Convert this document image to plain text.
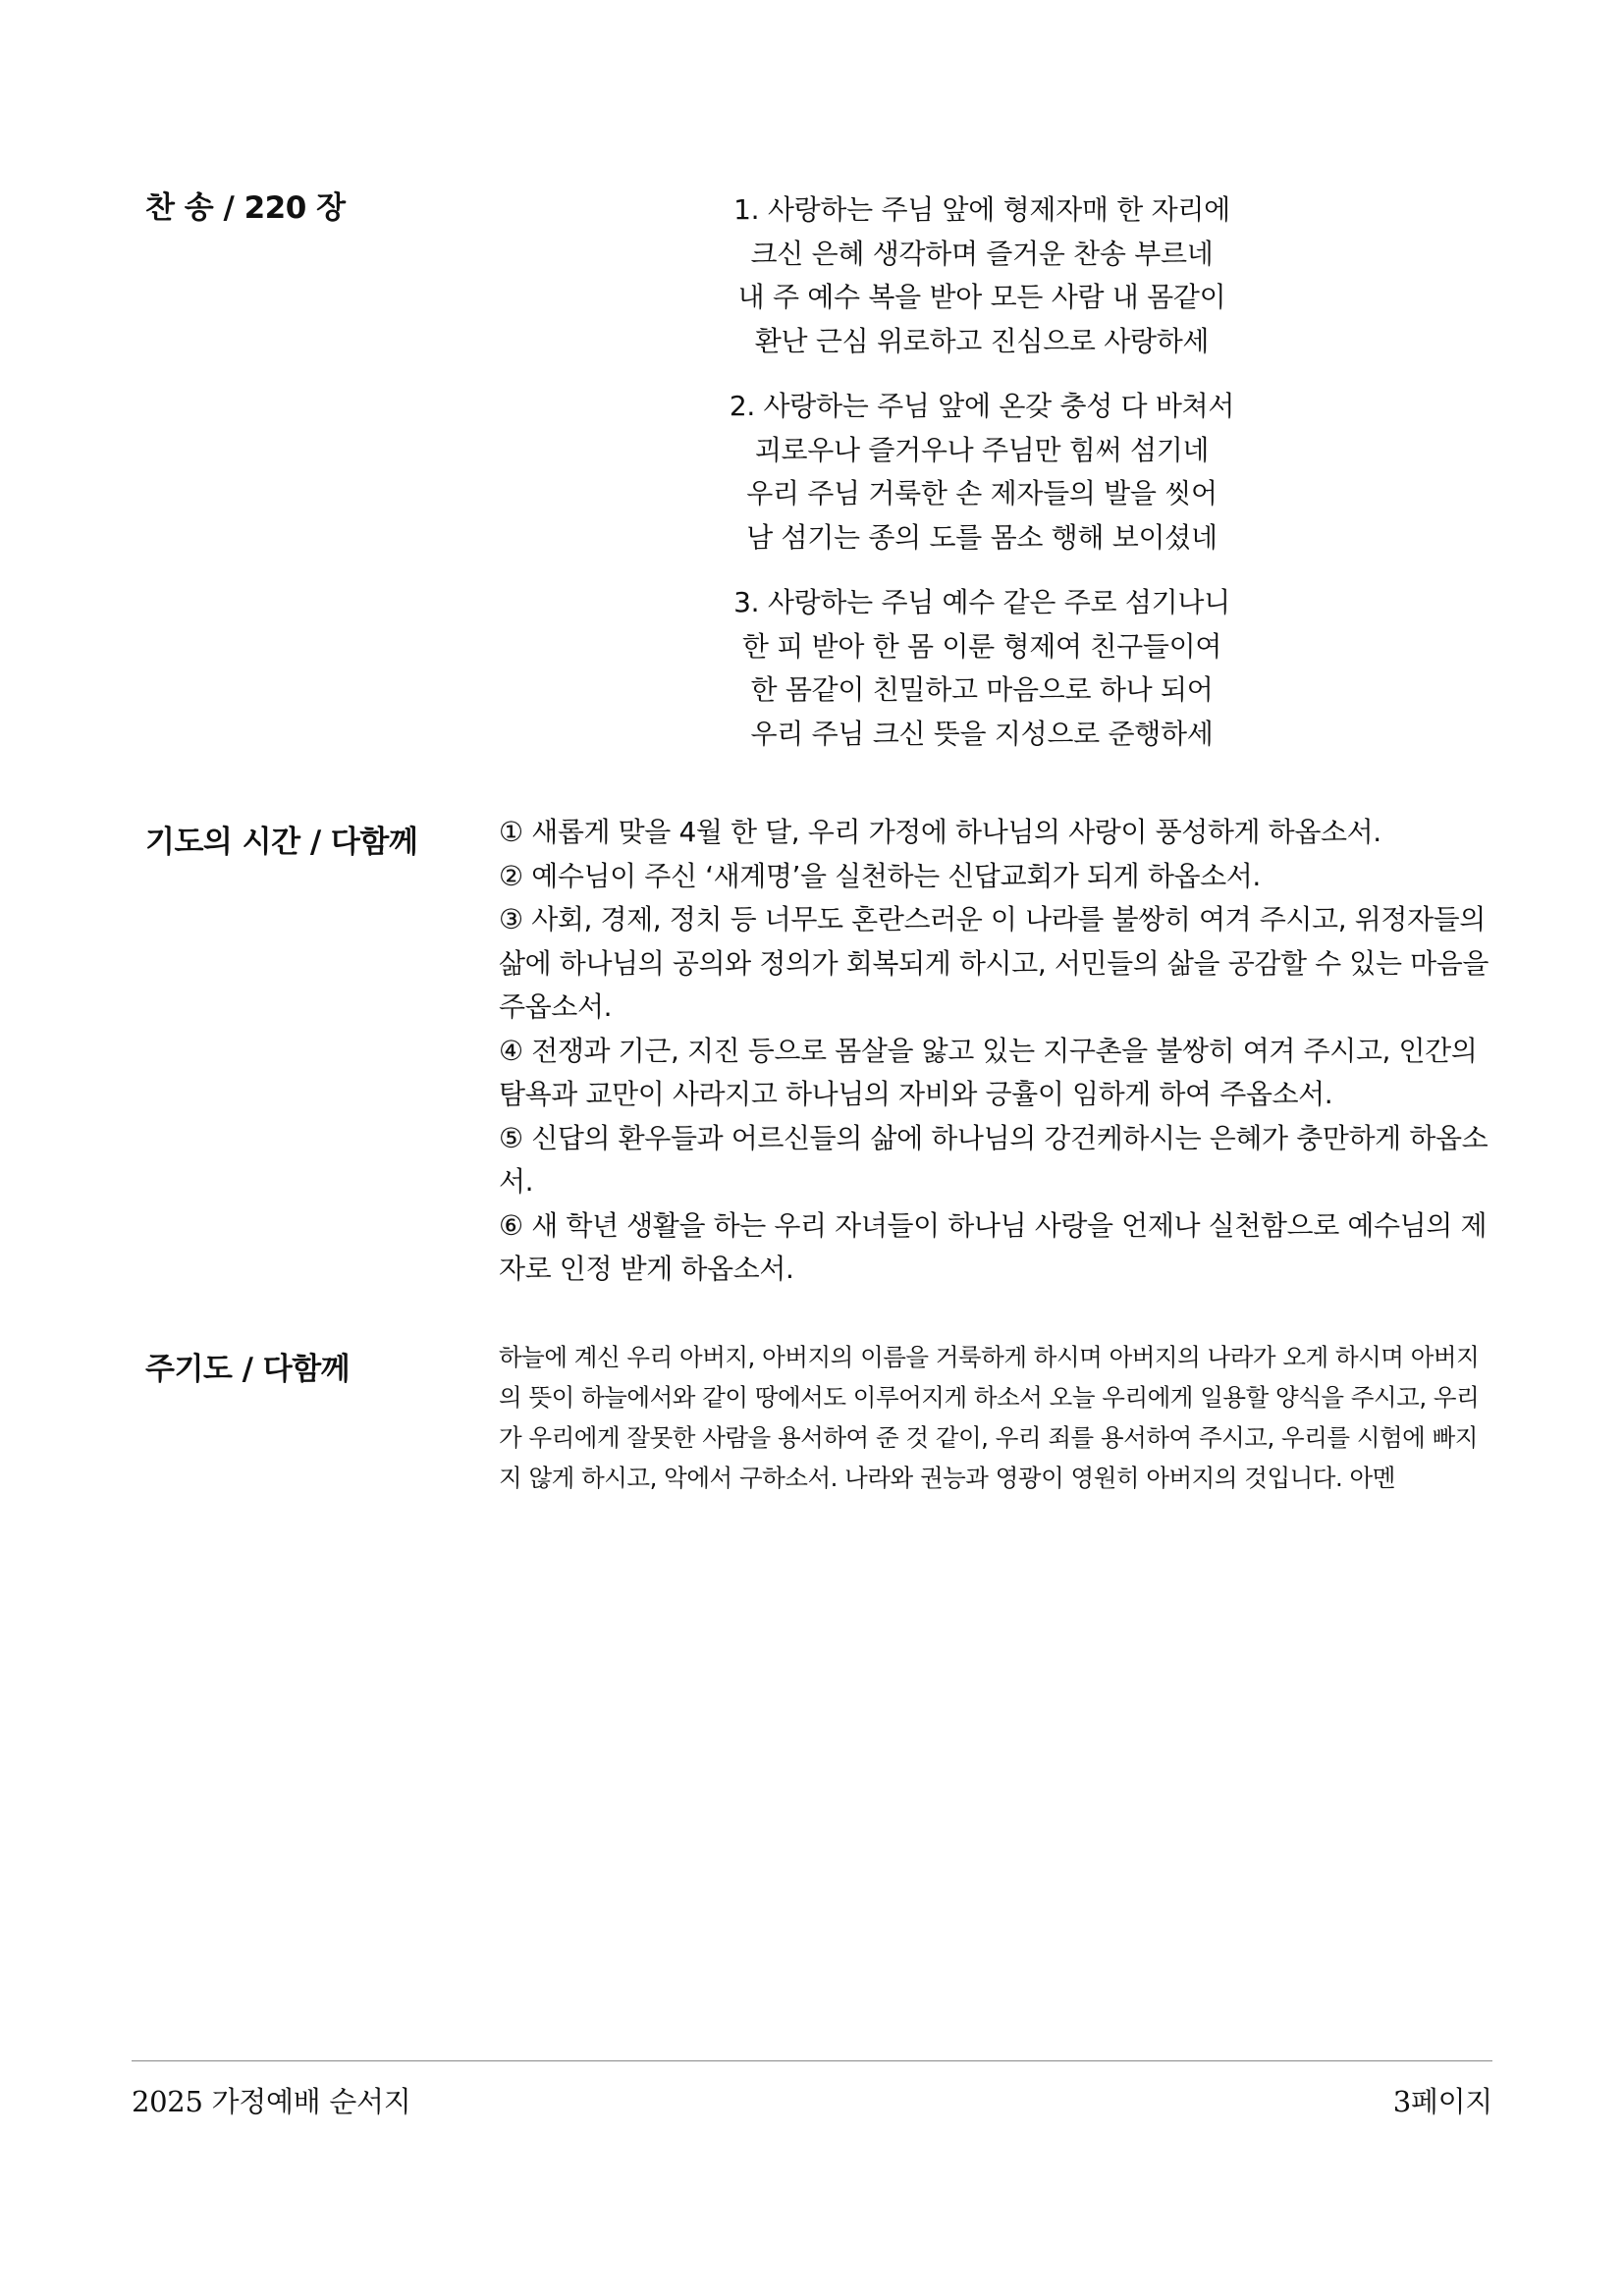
찬 송 / 220 장	1. 사랑하는 주님 앞에 형제자매 한 자리에
크신 은혜 생각하며 즐거운 찬송 부르네
내 주 예수 복을 받아 모든 사람 내 몸같이
환난 근심 위로하고 진심으로 사랑하세
2. 사랑하는 주님 앞에 온갖 충성 다 바쳐서
괴로우나 즐거우나 주님만 힘써 섬기네
우리 주님 거룩한 손 제자들의 발을 씻어
남 섬기는 종의 도를 몸소 행해 보이셨네
3. 사랑하는 주님 예수 같은 주로 섬기나니
한 피 받아 한 몸 이룬 형제여 친구들이여
한 몸같이 친밀하고 마음으로 하나 되어
우리 주님 크신 뜻을 지성으로 준행하세
기도의 시간 / 다함께	① 새롭게 맞을 4월 한 달, 우리 가정에 하나님의 사랑이 풍성하게 하옵소서.
② 예수님이 주신 ‘새계명’을 실천하는 신답교회가 되게 하옵소서.
③ 사회, 경제, 정치 등 너무도 혼란스러운 이 나라를 불쌍히 여겨 주시고, 위정자들의 삶에 하나님의 공의와 정의가 회복되게 하시고, 서민들의 삶을 공감할 수 있는 마음을 주옵소서.
④ 전쟁과 기근, 지진 등으로 몸살을 앓고 있는 지구촌을 불쌍히 여겨 주시고, 인간의 탐욕과 교만이 사라지고 하나님의 자비와 긍휼이 임하게 하여 주옵소서.
⑤ 신답의 환우들과 어르신들의 삶에 하나님의 강건케하시는 은혜가 충만하게 하옵소서.
⑥ 새 학년 생활을 하는 우리 자녀들이 하나님 사랑을 언제나 실천함으로 예수님의 제자로 인정 받게 하옵소서.
주기도 / 다함께	하늘에 계신 우리 아버지, 아버지의 이름을 거룩하게 하시며 아버지의 나라가 오게 하시며 아버지의 뜻이 하늘에서와 같이 땅에서도 이루어지게 하소서 오늘 우리에게 일용할 양식을 주시고, 우리가 우리에게 잘못한 사람을 용서하여 준 것 같이, 우리 죄를 용서하여 주시고, 우리를 시험에 빠지지 않게 하시고, 악에서 구하소서. 나라와 권능과 영광이 영원히 아버지의 것입니다. 아멘
2025 가정예배 순서지	3페이지
